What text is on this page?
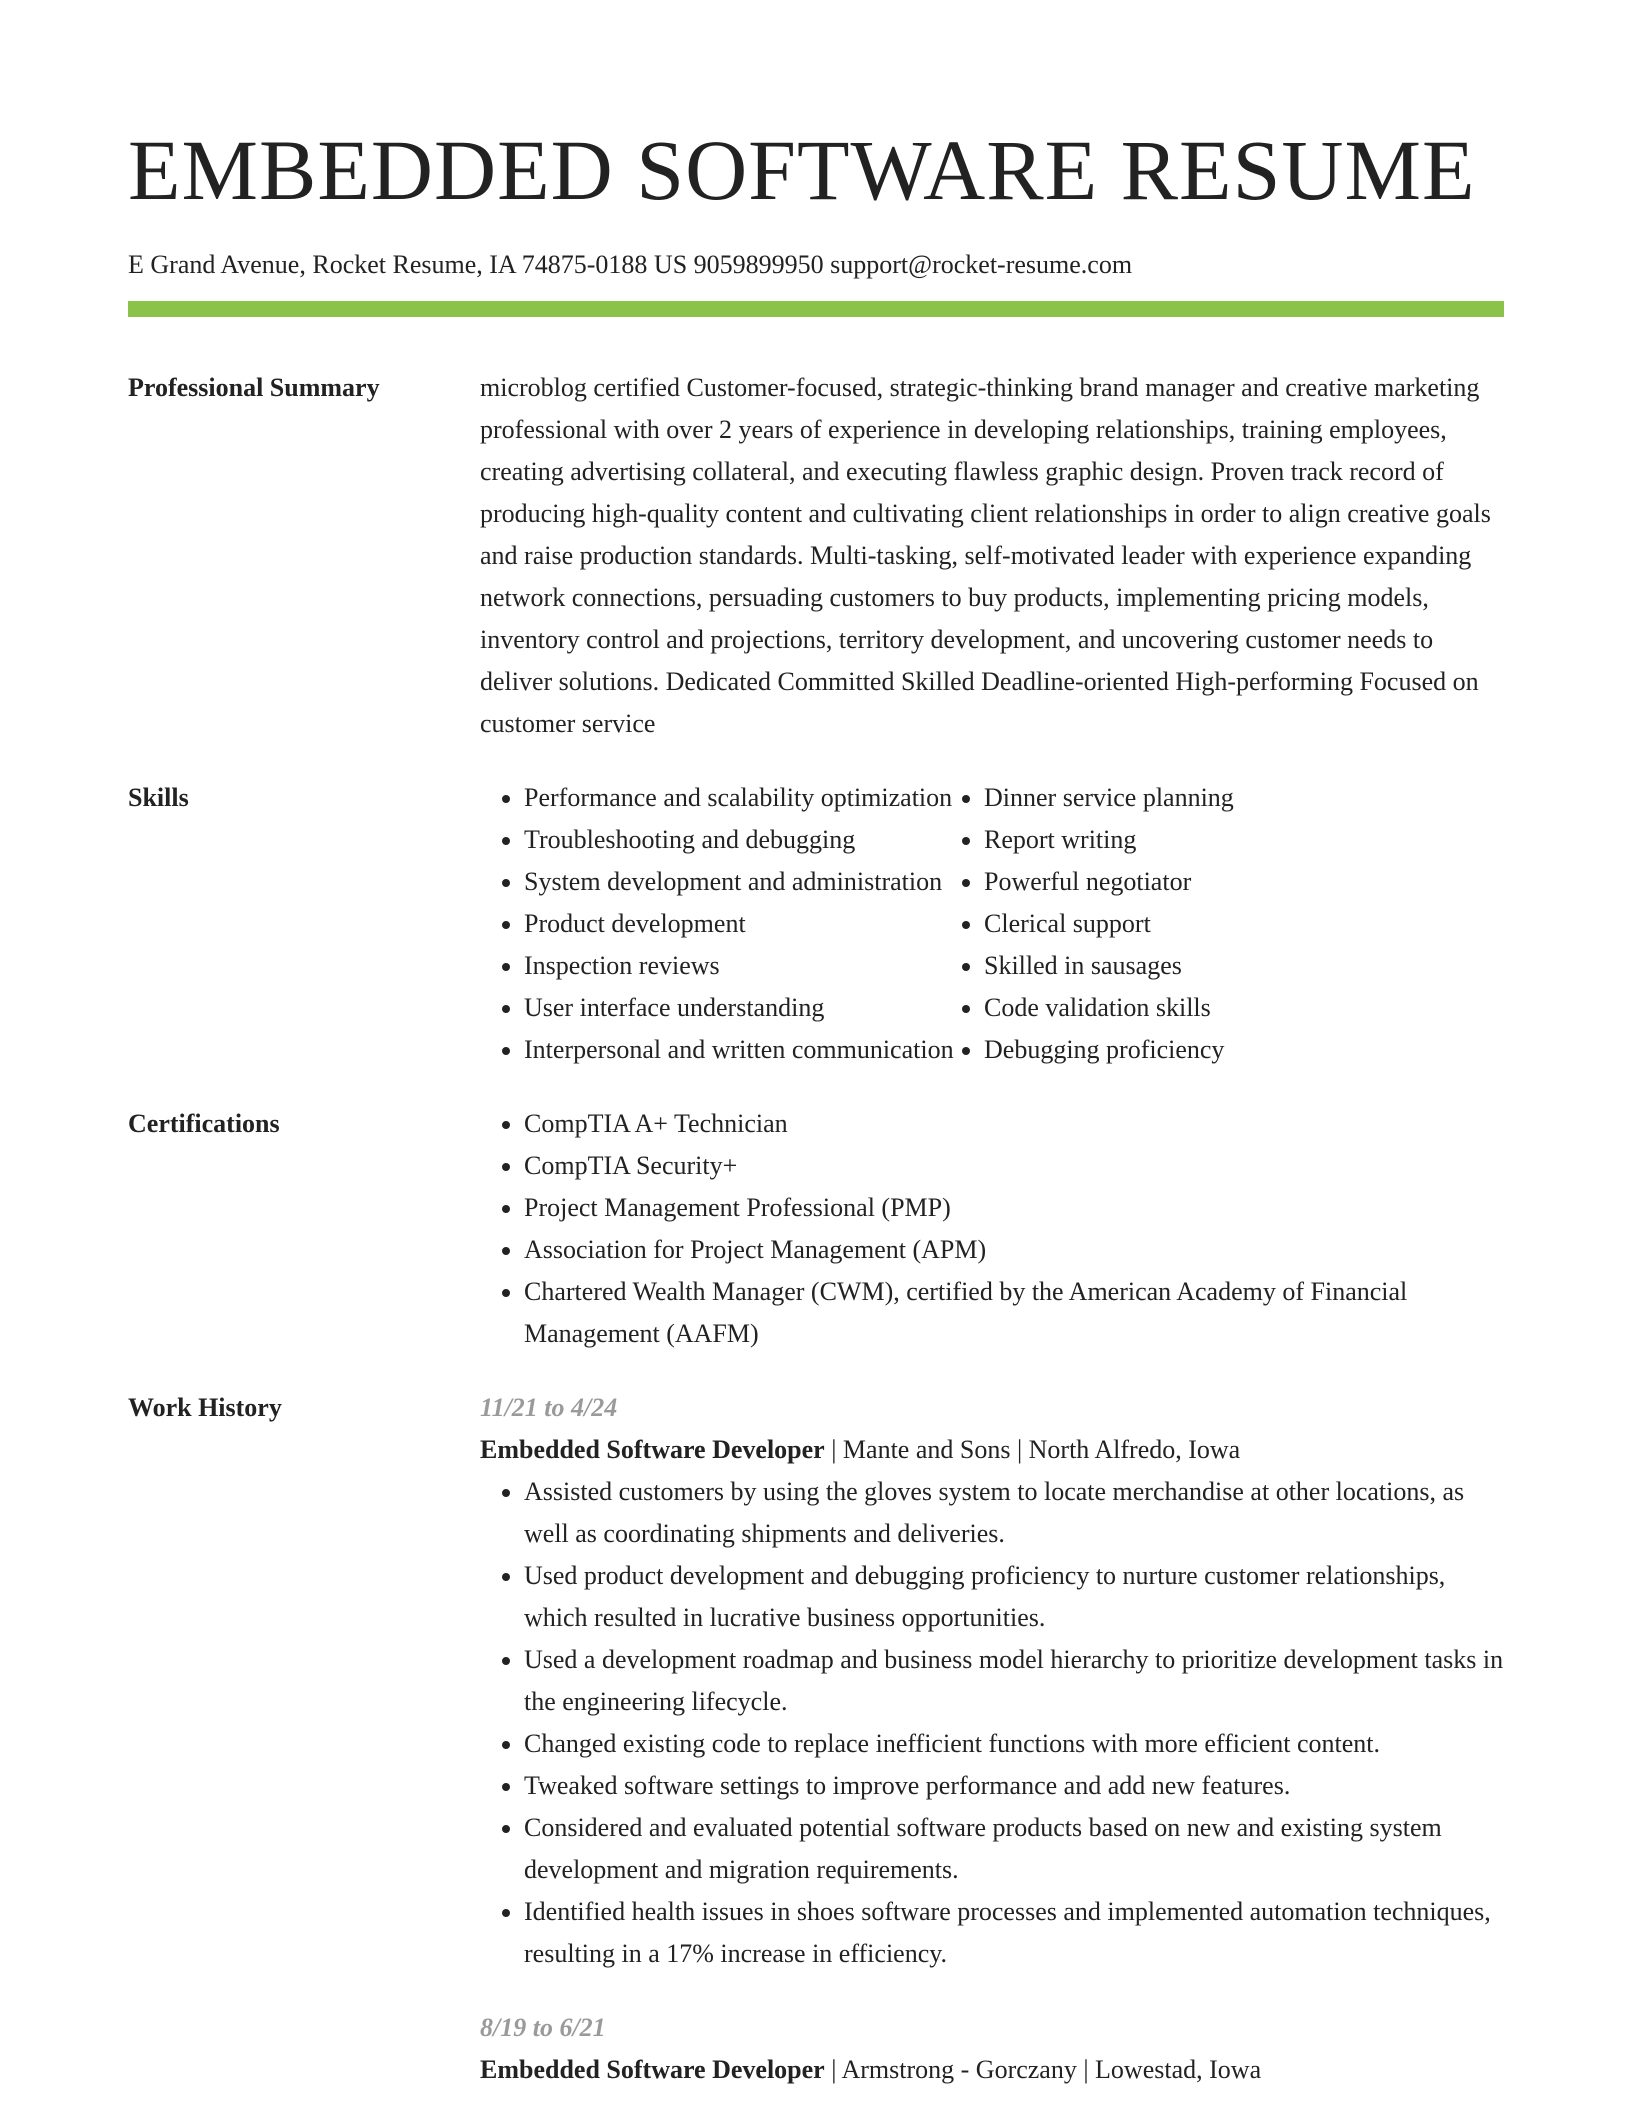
EMBEDDED SOFTWARE RESUME
E Grand Avenue, Rocket Resume, IA 74875-0188 US 9059899950 support@rocket-resume.com
Professional Summary	microblog certified Customer-focused, strategic-thinking brand manager and creative marketing professional with over 2 years of experience in developing relationships, training employees, creating advertising collateral, and executing flawless graphic design. Proven track record of producing high-quality content and cultivating client relationships in order to align creative goals and raise production standards. Multi-tasking, self-motivated leader with experience expanding network connections, persuading customers to buy products, implementing pricing models, inventory control and projections, territory development, and uncovering customer needs to deliver solutions. Dedicated Committed Skilled Deadline-oriented High-performing Focused on customer service
Skills	• Performance and scalability optimization
• Troubleshooting and debugging
• System development and administration
• Product development
• Inspection reviews
• User interface understanding
• Interpersonal and written communication
• Dinner service planning
• Report writing
• Powerful negotiator
• Clerical support
• Skilled in sausages
• Code validation skills
• Debugging proficiency
Certifications	• CompTIA A+ Technician
• CompTIA Security+
• Project Management Professional (PMP)
• Association for Project Management (APM)
• Chartered Wealth Manager (CWM), certified by the American Academy of Financial Management (AAFM)
Work History	11/21 to 4/24
Embedded Software Developer | Mante and Sons | North Alfredo, Iowa
• Assisted customers by using the gloves system to locate merchandise at other locations, as well as coordinating shipments and deliveries.
• Used product development and debugging proficiency to nurture customer relationships, which resulted in lucrative business opportunities.
• Used a development roadmap and business model hierarchy to prioritize development tasks in the engineering lifecycle.
• Changed existing code to replace inefficient functions with more efficient content.
• Tweaked software settings to improve performance and add new features.
• Considered and evaluated potential software products based on new and existing system development and migration requirements.
• Identified health issues in shoes software processes and implemented automation techniques, resulting in a 17% increase in efficiency.
8/19 to 6/21
Embedded Software Developer | Armstrong - Gorczany | Lowestad, Iowa
